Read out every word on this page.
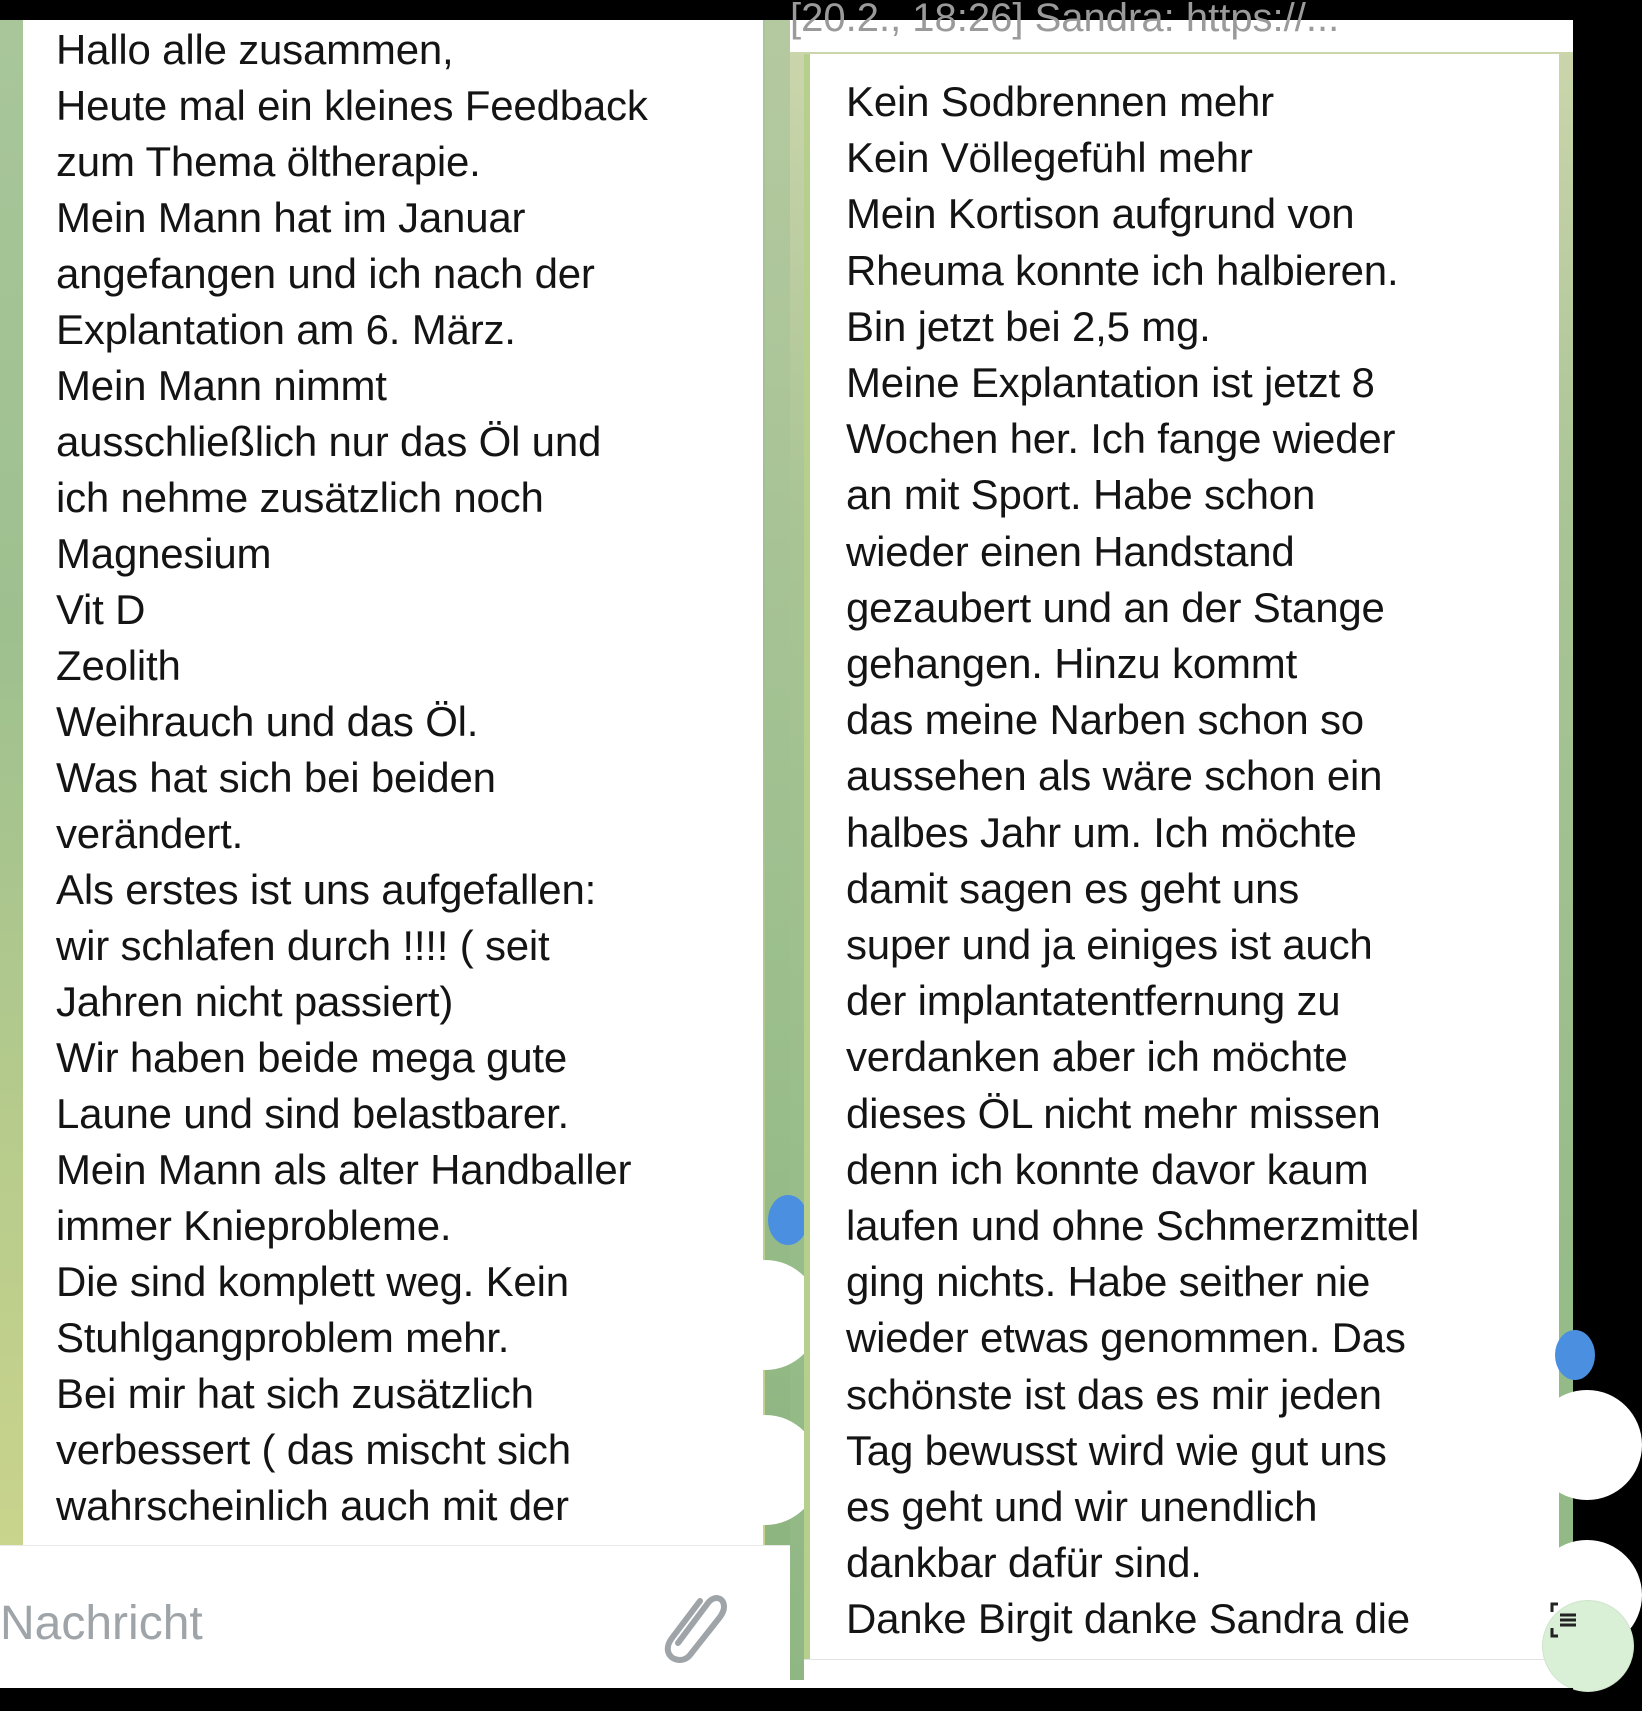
Hallo alle zusammen,
Heute mal ein kleines Feedback
zum Thema öltherapie.
Mein Mann hat im Januar
angefangen und ich nach der
Explantation am 6. März.
Mein Mann nimmt
ausschließlich nur das Öl und
ich nehme zusätzlich noch
Magnesium
Vit D
Zeolith
Weihrauch und das Öl.
Was hat sich bei beiden
verändert.
Als erstes ist uns aufgefallen:
wir schlafen durch !!!! ( seit
Jahren nicht passiert)
Wir haben beide mega gute
Laune und sind belastbarer.
Mein Mann als alter Handballer
immer Knieprobleme.
Die sind komplett weg. Kein
Stuhlgangproblem mehr.
Bei mir hat sich zusätzlich
verbessert ( das mischt sich
wahrscheinlich auch mit der
Nachricht
[20.2., 18:26] Sandra: https://...
Kein Sodbrennen mehr
Kein Völlegefühl mehr
Mein Kortison aufgrund von
Rheuma konnte ich halbieren.
Bin jetzt bei 2,5 mg.
Meine Explantation ist jetzt 8
Wochen her. Ich fange wieder
an mit Sport. Habe schon
wieder einen Handstand
gezaubert und an der Stange
gehangen. Hinzu kommt
das meine Narben schon so
aussehen als wäre schon ein
halbes Jahr um. Ich möchte
damit sagen es geht uns
super und ja einiges ist auch
der implantatentfernung zu
verdanken aber ich möchte
dieses ÖL nicht mehr missen
denn ich konnte davor kaum
laufen und ohne Schmerzmittel
ging nichts. Habe seither nie
wieder etwas genommen. Das
schönste ist das es mir jeden
Tag bewusst wird wie gut uns
es geht und wir unendlich
dankbar dafür sind.
Danke Birgit danke Sandra die
